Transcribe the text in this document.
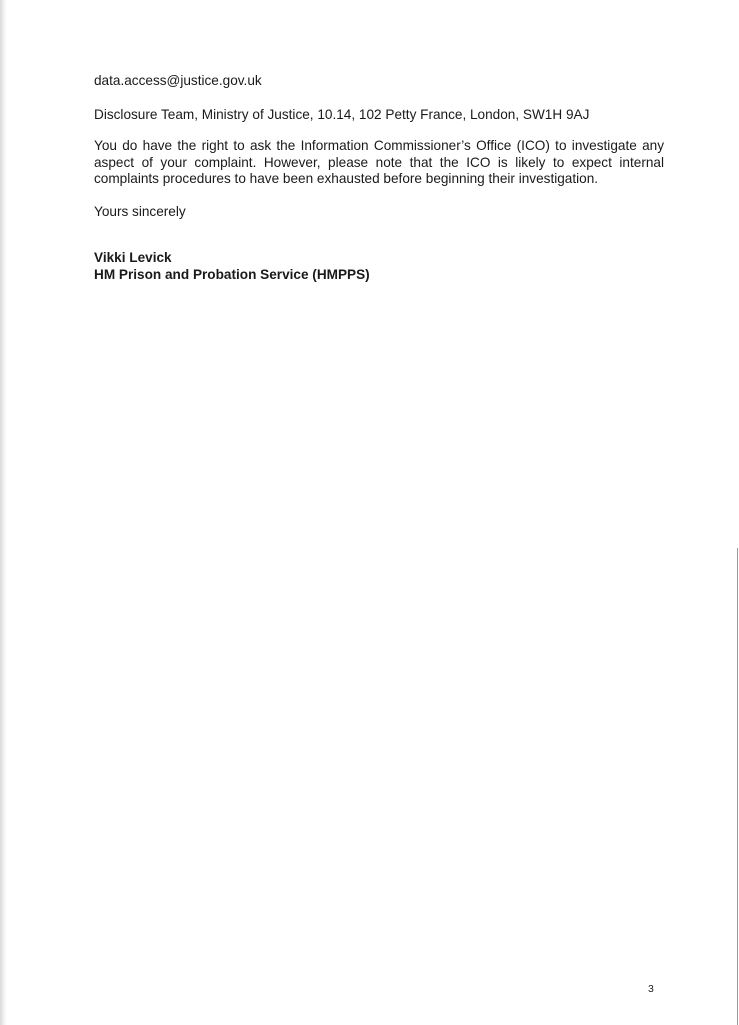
data.access@justice.gov.uk

Disclosure Team, Ministry of Justice, 10.14, 102 Petty France, London, SW1H 9AJ

You do have the right to ask the Information Commissioner’s Office (ICO) to investigate any aspect of your complaint. However, please note that the ICO is likely to expect internal complaints procedures to have been exhausted before beginning their investigation.

Yours sincerely

Vikki Levick

HM Prison and Probation Service (HMPPS)

3
